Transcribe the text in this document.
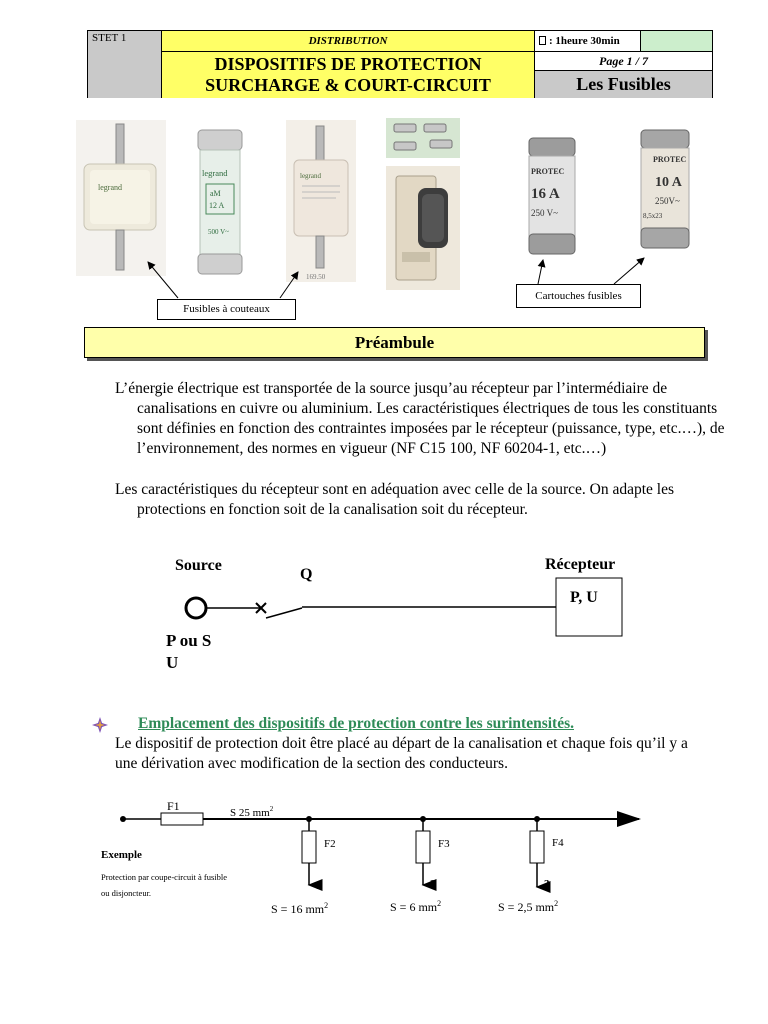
STET 1	DISTRIBUTION	: 1heure 30min
DISPOSITIFS DE PROTECTION
SURCHARGE & COURT-CIRCUIT
Page 1 / 7
Les Fusibles
legrand
legrand
aM
12 A
500 V~
legrand
169.50
PROTEC
16 A
250 V~
PROTEC
10 A
250V~
8,5x23
Fusibles à couteaux
Cartouches fusibles
Préambule
L’énergie électrique est transportée de la source jusqu’au récepteur par l’intermédiaire de canalisations en cuivre ou aluminium. Les caractéristiques électriques de tous les constituants sont définies en fonction des contraintes imposées par le récepteur (puissance, type, etc.…), de l’environnement, des normes en vigueur (NF C15 100, NF 60204-1, etc.…)
Les caractéristiques du récepteur sont en adéquation avec celle de la source. On adapte les protections en fonction soit de la canalisation soit du récepteur.
Source
Q
Récepteur
P, U
P ou S
U
Emplacement des dispositifs de protection contre les surintensités.
Le dispositif de protection doit être placé au départ de la canalisation et chaque fois qu’il y a une dérivation avec modification de la section des conducteurs.
F1	S 25 $mm^2$
F2
1
S = 16 $mm^2$
F3
2
S = 6 $mm^2$
F4
3
S = 2,5 $mm^2$
Exemple
Protection par coupe-circuit à fusible
ou disjoncteur.
